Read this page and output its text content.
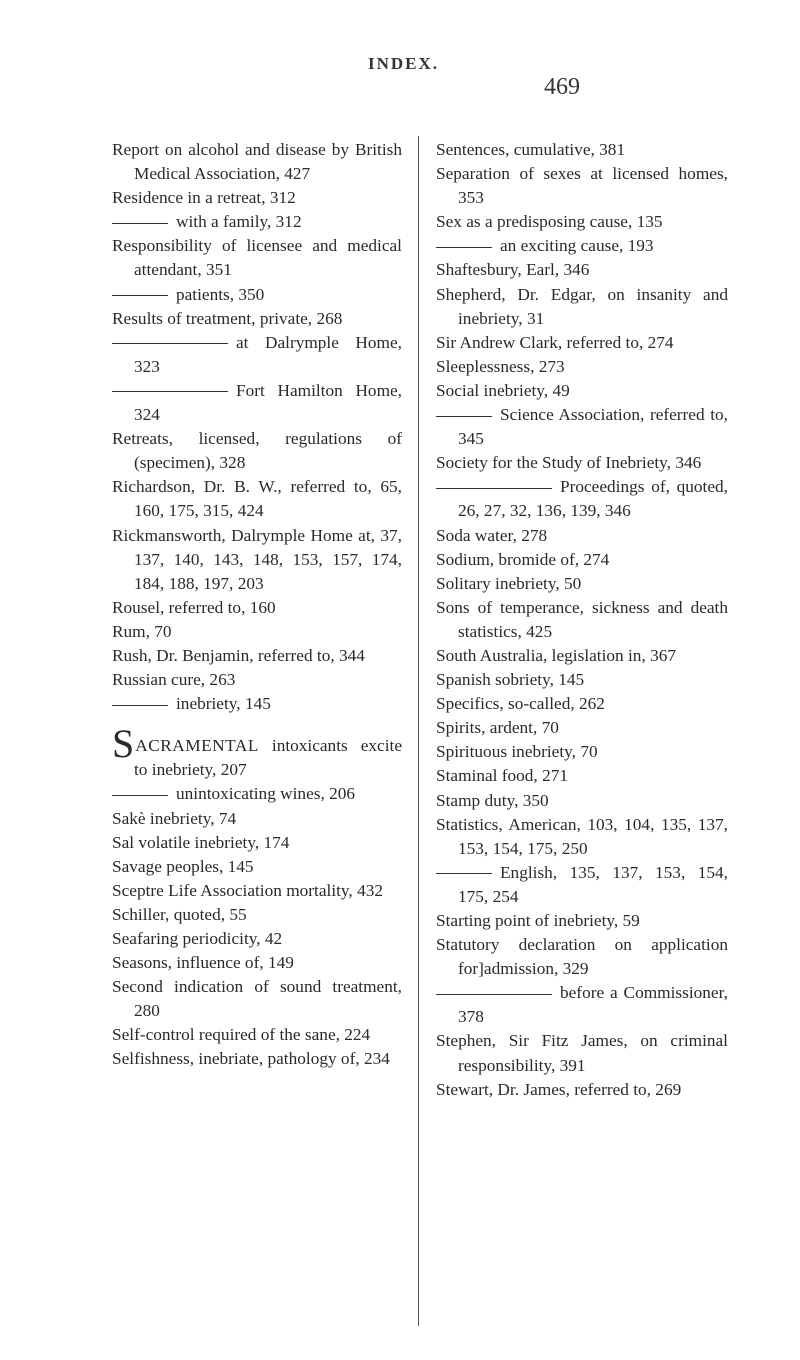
INDEX.
469
Report on alcohol and disease by British Medical Association, 427
Residence in a retreat, 312
with a family, 312
Responsibility of licensee and medical attendant, 351
patients, 350
Results of treatment, private, 268
at Dalrymple Home, 323
Fort Hamilton Home, 324
Retreats, licensed, regulations of (specimen), 328
Richardson, Dr. B. W., referred to, 65, 160, 175, 315, 424
Rickmansworth, Dalrymple Home at, 37, 137, 140, 143, 148, 153, 157, 174, 184, 188, 197, 203
Rousel, referred to, 160
Rum, 70
Rush, Dr. Benjamin, referred to, 344
Russian cure, 263
inebriety, 145
SACRAMENTAL intoxicants excite to inebriety, 207
unintoxicating wines, 206
Sakè inebriety, 74
Sal volatile inebriety, 174
Savage peoples, 145
Sceptre Life Association mortality, 432
Schiller, quoted, 55
Seafaring periodicity, 42
Seasons, influence of, 149
Second indication of sound treatment, 280
Self-control required of the sane, 224
Selfishness, inebriate, pathology of, 234
Sentences, cumulative, 381
Separation of sexes at licensed homes, 353
Sex as a predisposing cause, 135
an exciting cause, 193
Shaftesbury, Earl, 346
Shepherd, Dr. Edgar, on insanity and inebriety, 31
Sir Andrew Clark, referred to, 274
Sleeplessness, 273
Social inebriety, 49
Science Association, referred to, 345
Society for the Study of Inebriety, 346
Proceedings of, quoted, 26, 27, 32, 136, 139, 346
Soda water, 278
Sodium, bromide of, 274
Solitary inebriety, 50
Sons of temperance, sickness and death statistics, 425
South Australia, legislation in, 367
Spanish sobriety, 145
Specifics, so-called, 262
Spirits, ardent, 70
Spirituous inebriety, 70
Staminal food, 271
Stamp duty, 350
Statistics, American, 103, 104, 135, 137, 153, 154, 175, 250
English, 135, 137, 153, 154, 175, 254
Starting point of inebriety, 59
Statutory declaration on application for]admission, 329
before a Commissioner, 378
Stephen, Sir Fitz James, on criminal responsibility, 391
Stewart, Dr. James, referred to, 269
